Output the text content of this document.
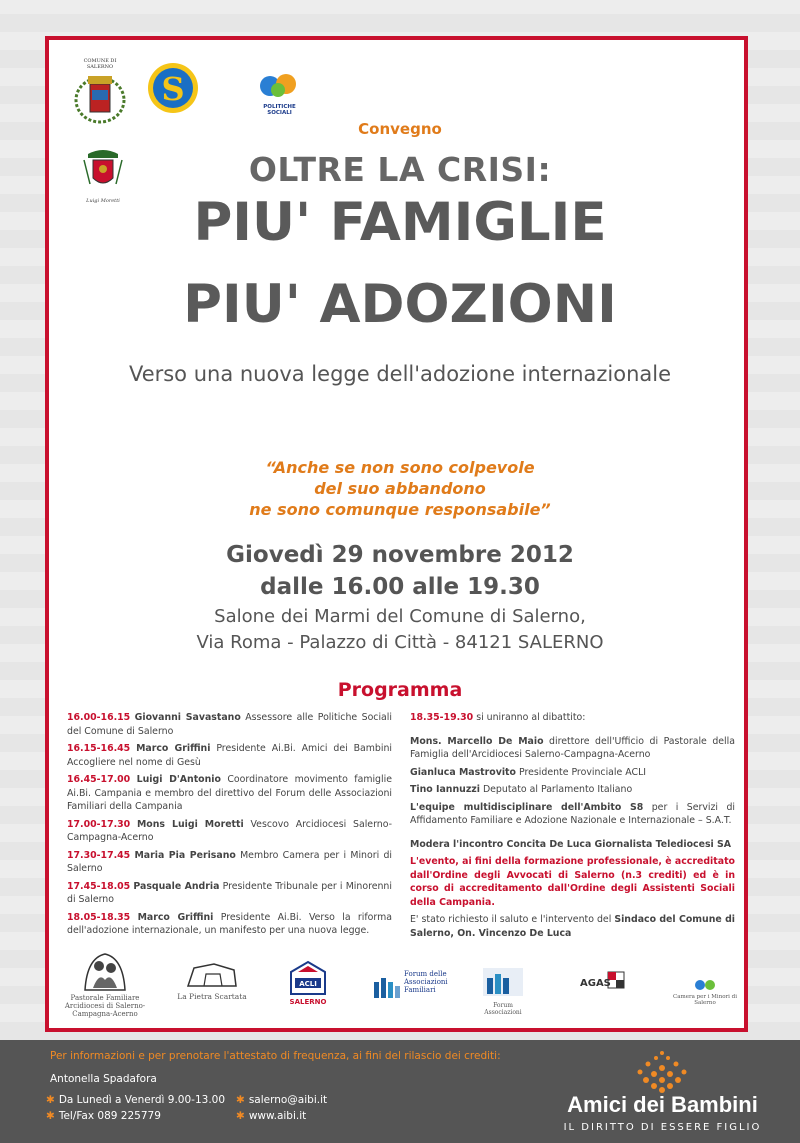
COMUNE DI SALERNO
S	POLITICHE SOCIALI
Luigi Moretti
Convegno
OLTRE LA CRISI:
PIU' FAMIGLIE
PIU' ADOZIONI
Verso una nuova legge dell'adozione internazionale
“Anche se non sono colpevole
del suo abbandono
ne sono comunque responsabile”
Giovedì 29 novembre 2012
dalle 16.00 alle 19.30
Salone dei Marmi del Comune di Salerno,
Via Roma - Palazzo di Città - 84121 SALERNO
Programma
16.00-16.15 Giovanni Savastano Assessore alle Politiche Sociali del Comune di Salerno
16.15-16.45 Marco Griffini Presidente Ai.Bi. Amici dei Bambini Accogliere nel nome di Gesù
16.45-17.00 Luigi D'Antonio Coordinatore movimento famiglie Ai.Bi. Campania e membro del direttivo del Forum delle Associazioni Familiari della Campania
17.00-17.30 Mons Luigi Moretti Vescovo Arcidiocesi Salerno-Campagna-Acerno
17.30-17.45 Maria Pia Perisano Membro Camera per i Minori di Salerno
17.45-18.05 Pasquale Andria Presidente Tribunale per i Minorenni di Salerno
18.05-18.35 Marco Griffini Presidente Ai.Bi. Verso la riforma dell'adozione internazionale, un manifesto per una nuova legge.
18.35-19.30 si uniranno al dibattito:
Mons. Marcello De Maio direttore dell'Ufficio di Pastorale della Famiglia dell'Arcidiocesi Salerno-Campagna-Acerno
Gianluca Mastrovito Presidente Provinciale ACLI
Tino Iannuzzi Deputato al Parlamento Italiano
L'equipe multidisciplinare dell'Ambito S8 per i Servizi di Affidamento Familiare e Adozione Nazionale e Internazionale – S.A.T.
Modera l'incontro Concita De Luca Giornalista Telediocesi SA
L'evento, ai fini della formazione professionale, è accreditato dall'Ordine degli Avvocati di Salerno (n.3 crediti) ed è in corso di accreditamento dall'Ordine degli Assistenti Sociali della Campania.
E' stato richiesto il saluto e l'intervento del Sindaco del Comune di Salerno, On. Vincenzo De Luca
Pastorale Familiare Arcidiocesi di Salerno-Campagna-Acerno
La Pietra Scartata
ACLI
SALERNO
Forum delle Associazioni Familiari
Forum Associazioni
AGAS
Camera per i Minori di Salerno
Per informazioni e per prenotare l'attestato di frequenza, ai fini del rilascio dei crediti:
Antonella Spadafora
✱ Da Lunedì a Venerdì 9.00-13.00
✱ Tel/Fax 089 225779
✱ salerno@aibi.it
✱ www.aibi.it	Amici dei Bambini
IL DIRITTO DI ESSERE FIGLIO
